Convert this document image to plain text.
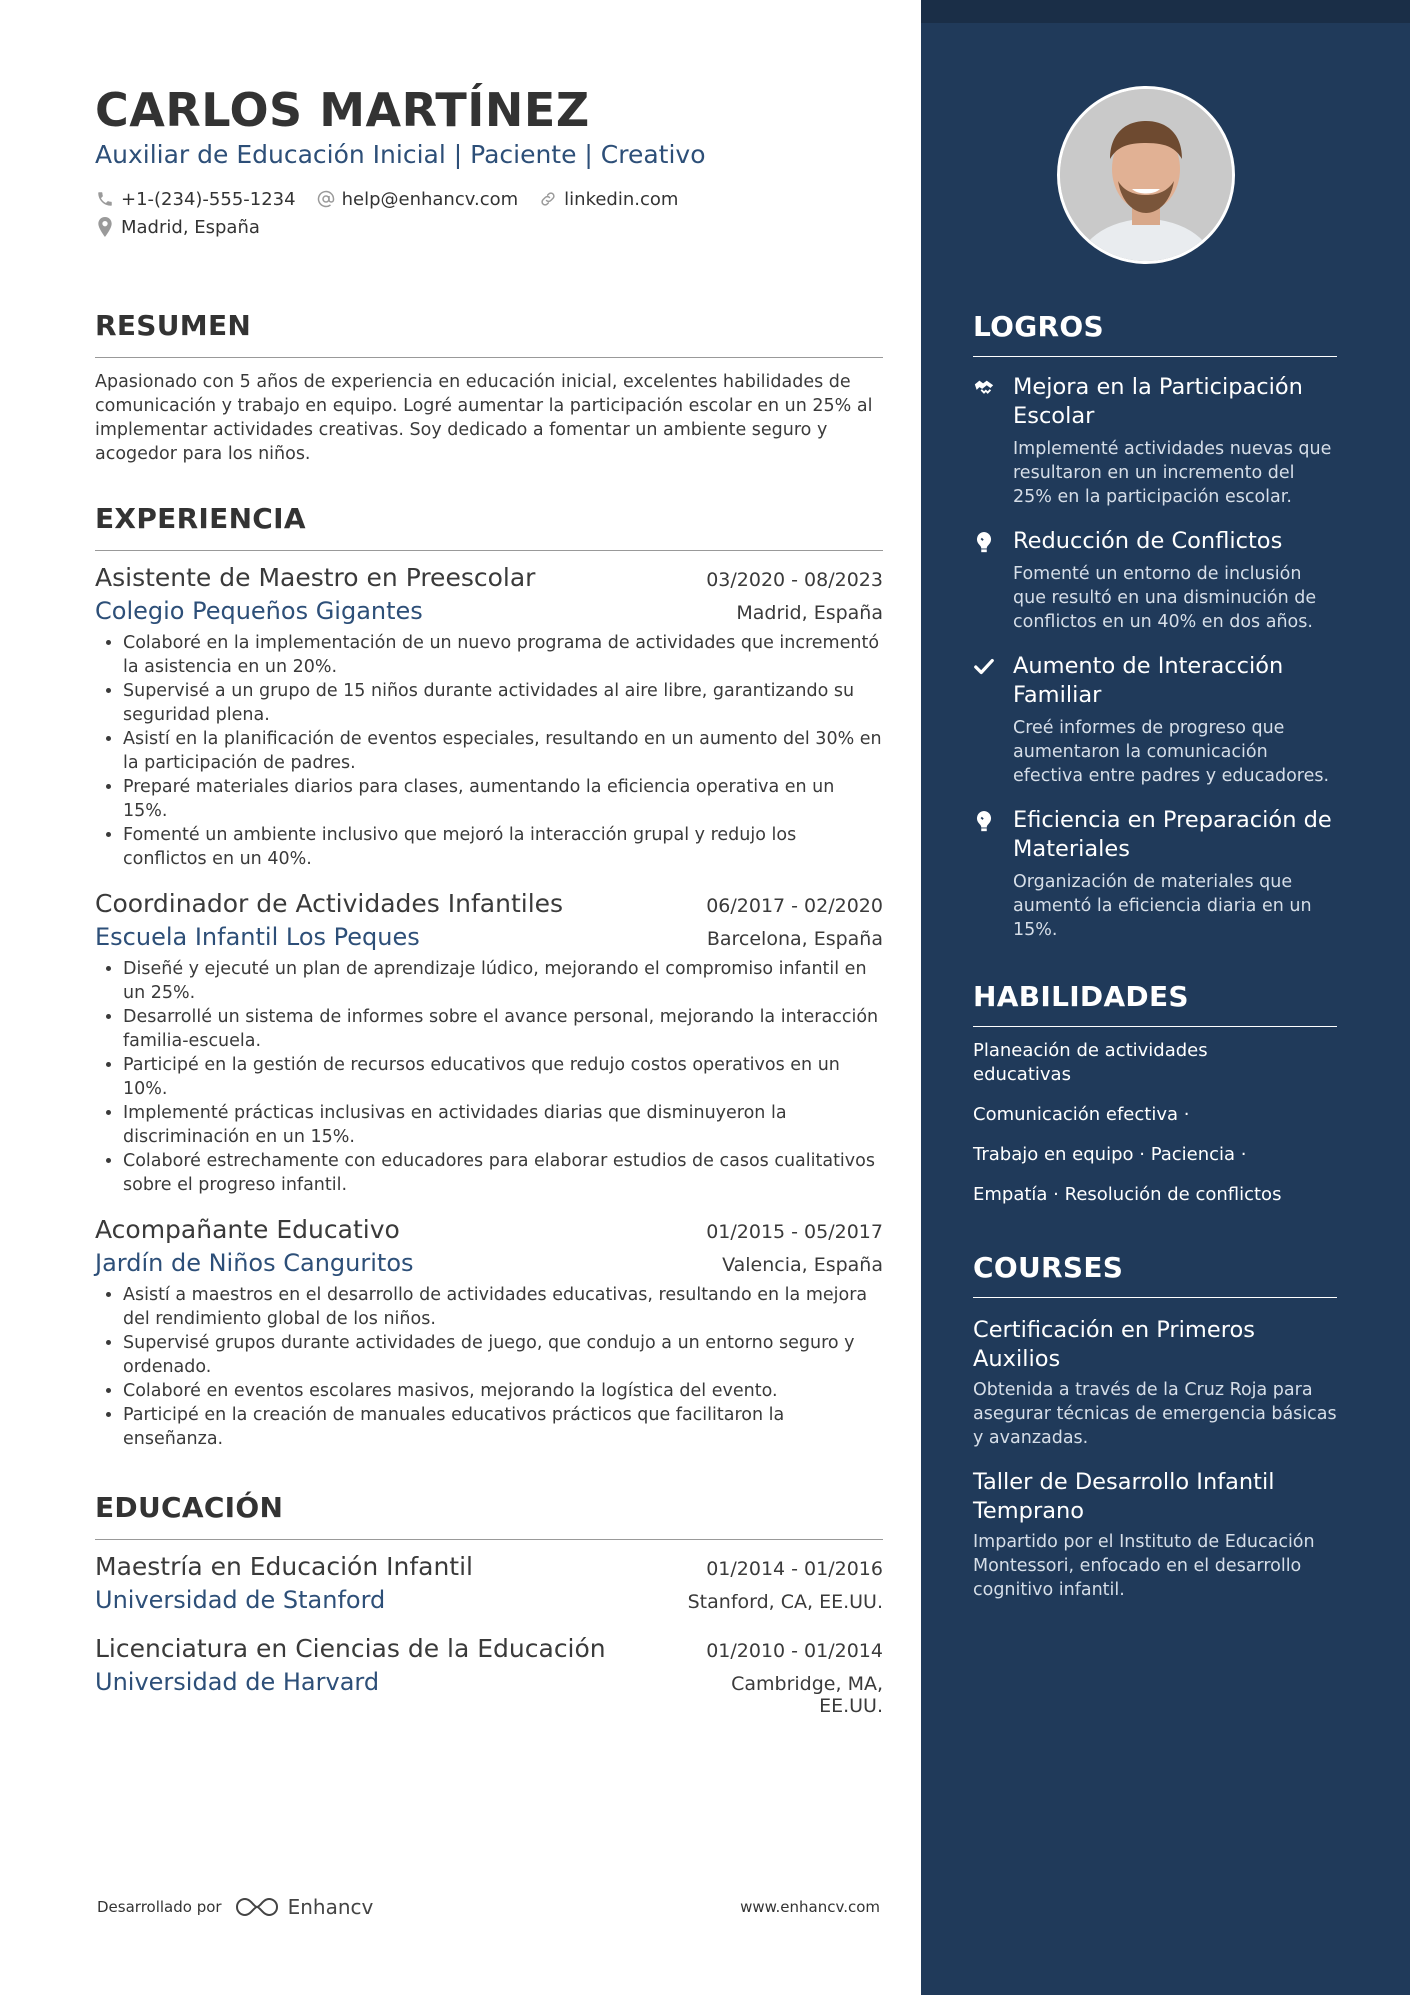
CARLOS MARTÍNEZ
Auxiliar de Educación Inicial | Paciente | Creativo
+1-(234)-555-1234	help@enhancv.com	linkedin.com
Madrid, España
RESUMEN
Apasionado con 5 años de experiencia en educación inicial, excelentes habilidades de comunicación y trabajo en equipo. Logré aumentar la participación escolar en un 25% al implementar actividades creativas. Soy dedicado a fomentar un ambiente seguro y acogedor para los niños.
EXPERIENCIA
Asistente de Maestro en Preescolar	03/2020 - 08/2023
Colegio Pequeños Gigantes	Madrid, España
• Colaboré en la implementación de un nuevo programa de actividades que incrementó la asistencia en un 20%.
• Supervisé a un grupo de 15 niños durante actividades al aire libre, garantizando su seguridad plena.
• Asistí en la planificación de eventos especiales, resultando en un aumento del 30% en la participación de padres.
• Preparé materiales diarios para clases, aumentando la eficiencia operativa en un 15%.
• Fomenté un ambiente inclusivo que mejoró la interacción grupal y redujo los conflictos en un 40%.
Coordinador de Actividades Infantiles	06/2017 - 02/2020
Escuela Infantil Los Peques	Barcelona, España
• Diseñé y ejecuté un plan de aprendizaje lúdico, mejorando el compromiso infantil en un 25%.
• Desarrollé un sistema de informes sobre el avance personal, mejorando la interacción familia-escuela.
• Participé en la gestión de recursos educativos que redujo costos operativos en un 10%.
• Implementé prácticas inclusivas en actividades diarias que disminuyeron la discriminación en un 15%.
• Colaboré estrechamente con educadores para elaborar estudios de casos cualitativos sobre el progreso infantil.
Acompañante Educativo	01/2015 - 05/2017
Jardín de Niños Canguritos	Valencia, España
• Asistí a maestros en el desarrollo de actividades educativas, resultando en la mejora del rendimiento global de los niños.
• Supervisé grupos durante actividades de juego, que condujo a un entorno seguro y ordenado.
• Colaboré en eventos escolares masivos, mejorando la logística del evento.
• Participé en la creación de manuales educativos prácticos que facilitaron la enseñanza.
EDUCACIÓN
Maestría en Educación Infantil	01/2014 - 01/2016
Universidad de Stanford	Stanford, CA, EE.UU.
Licenciatura en Ciencias de la Educación	01/2010 - 01/2014
Universidad de Harvard	Cambridge, MA, EE.UU.
Desarrollado por	Enhancv	www.enhancv.com
LOGROS
Mejora en la Participación Escolar
Implementé actividades nuevas que resultaron en un incremento del 25% en la participación escolar.
Reducción de Conflictos
Fomenté un entorno de inclusión que resultó en una disminución de conflictos en un 40% en dos años.
Aumento de Interacción Familiar
Creé informes de progreso que aumentaron la comunicación efectiva entre padres y educadores.
Eficiencia en Preparación de Materiales
Organización de materiales que aumentó la eficiencia diaria en un 15%.
HABILIDADES
Planeación de actividades educativas
Comunicación efectiva ·
Trabajo en equipo · Paciencia ·
Empatía · Resolución de conflictos
COURSES
Certificación en Primeros Auxilios
Obtenida a través de la Cruz Roja para asegurar técnicas de emergencia básicas y avanzadas.
Taller de Desarrollo Infantil Temprano
Impartido por el Instituto de Educación Montessori, enfocado en el desarrollo cognitivo infantil.
